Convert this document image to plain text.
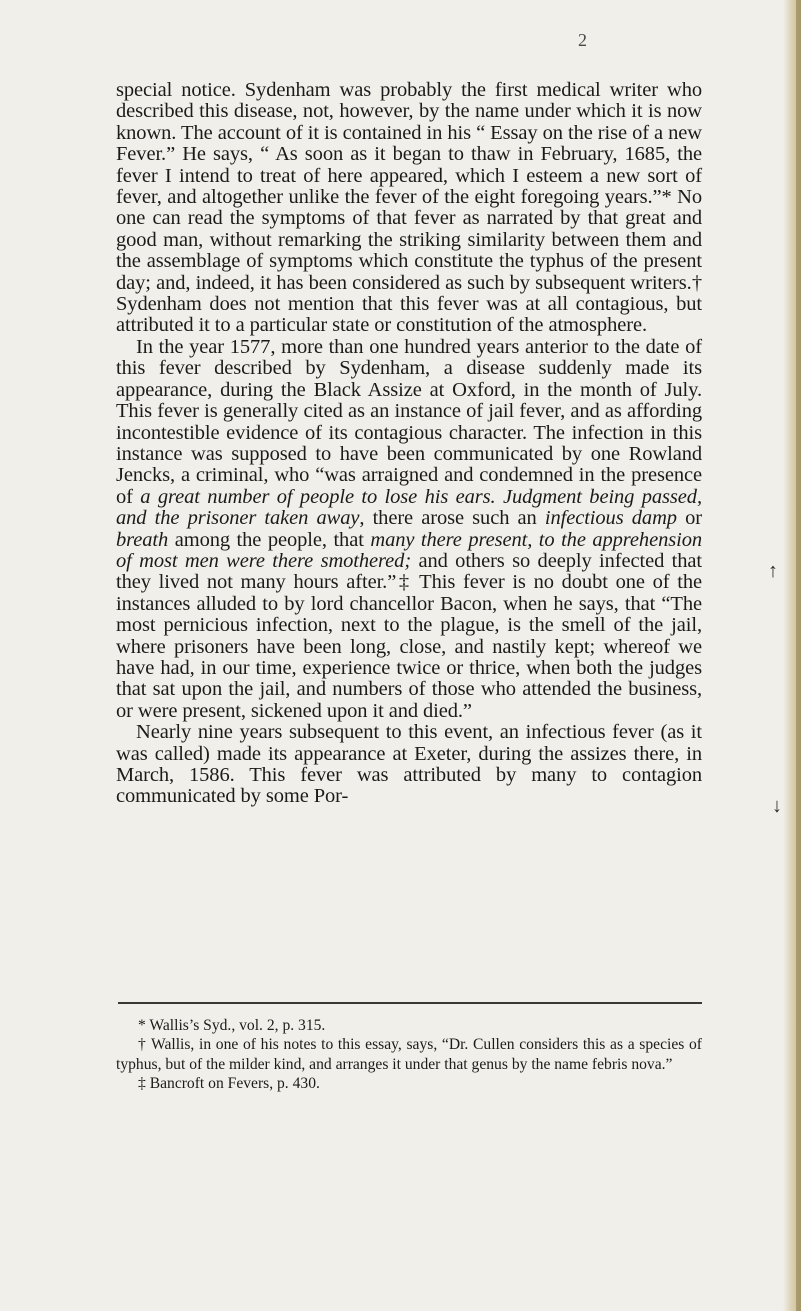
2

special notice. Sydenham was probably the first medical writer who described this disease, not, however, by the name under which it is now known. The account of it is contained in his “ Essay on the rise of a new Fever.” He says, “ As soon as it began to thaw in February, 1685, the fever I intend to treat of here appeared, which I esteem a new sort of fever, and altogether unlike the fever of the eight foregoing years.”* No one can read the symptoms of that fever as narrated by that great and good man, without remarking the striking similarity between them and the assemblage of symptoms which constitute the typhus of the present day; and, indeed, it has been considered as such by subsequent writers.† Sydenham does not mention that this fever was at all contagious, but attributed it to a particular state or constitution of the atmosphere.

In the year 1577, more than one hundred years anterior to the date of this fever described by Sydenham, a disease suddenly made its appearance, during the Black Assize at Oxford, in the month of July. This fever is generally cited as an instance of jail fever, and as affording incontestible evidence of its contagious character. The infection in this instance was supposed to have been communicated by one Rowland Jencks, a criminal, who “was arraigned and condemned in the presence of a great number of people to lose his ears. Judgment being passed, and the prisoner taken away, there arose such an infectious damp or breath among the people, that many there present, to the apprehension of most men were there smothered; and others so deeply infected that they lived not many hours after.”‡ This fever is no doubt one of the instances alluded to by lord chancellor Bacon, when he says, that “The most pernicious infection, next to the plague, is the smell of the jail, where prisoners have been long, close, and nastily kept; whereof we have had, in our time, experience twice or thrice, when both the judges that sat upon the jail, and numbers of those who attended the business, or were present, sickened upon it and died.”

Nearly nine years subsequent to this event, an infectious fever (as it was called) made its appearance at Exeter, during the assizes there, in March, 1586. This fever was attributed by many to contagion communicated by some Por-

* Wallis’s Syd., vol. 2, p. 315.

† Wallis, in one of his notes to this essay, says, “Dr. Cullen considers this as a species of typhus, but of the milder kind, and arranges it under that genus by the name febris nova.”

‡ Bancroft on Fevers, p. 430.

↑
↓
